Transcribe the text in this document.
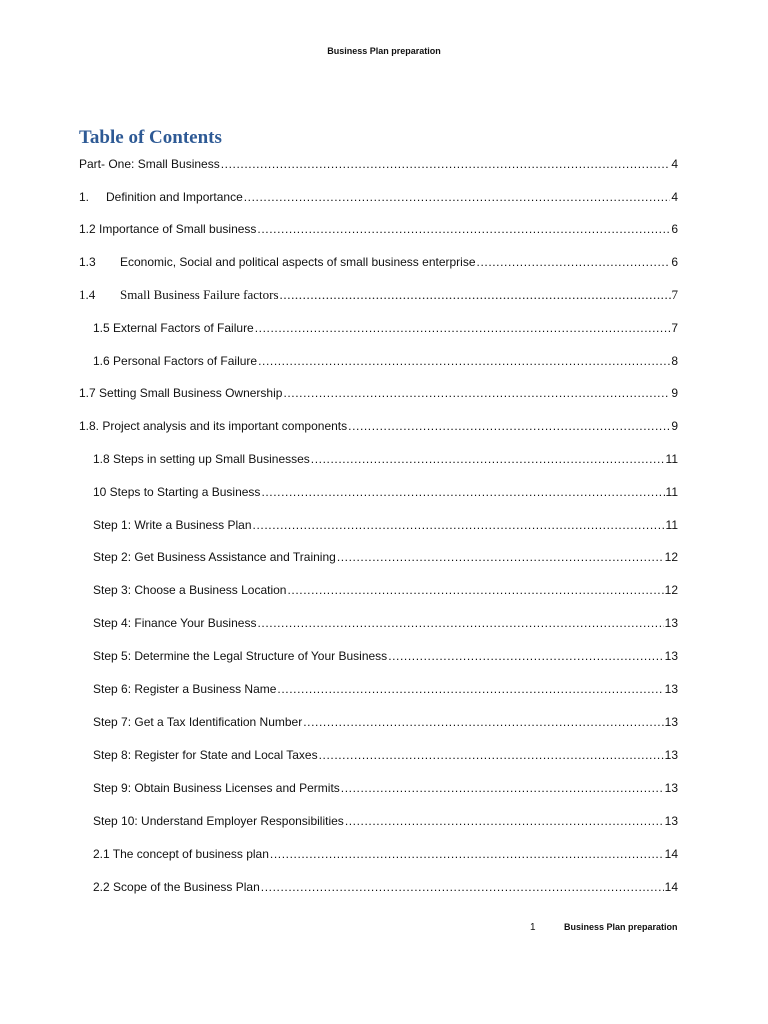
Business Plan preparation
Table of Contents
Part- One: Small Business .....	4
1.	Definition and Importance .....	4
1.2 Importance of Small business .....	6
1.3	Economic, Social and political aspects of small business enterprise .....	6
1.4	Small Business Failure factors .....	7
1.5 External Factors of Failure .....	7
1.6 Personal Factors of Failure .....	8
1.7 Setting Small Business Ownership .....	9
1.8. Project analysis and its important components .....	9
1.8 Steps in setting up Small Businesses .....	11
10 Steps to Starting a Business .....	11
Step 1: Write a Business Plan .....	11
Step 2: Get Business Assistance and Training .....	12
Step 3: Choose a Business Location .....	12
Step 4: Finance Your Business .....	13
Step 5: Determine the Legal Structure of Your Business .....	13
Step 6: Register a Business Name .....	13
Step 7: Get a Tax Identification Number .....	13
Step 8: Register for State and Local Taxes .....	13
Step 9: Obtain Business Licenses and Permits .....	13
Step 10: Understand Employer Responsibilities .....	13
2.1 The concept of business plan .....	14
2.2 Scope of the Business Plan .....	14
1	Business Plan preparation
